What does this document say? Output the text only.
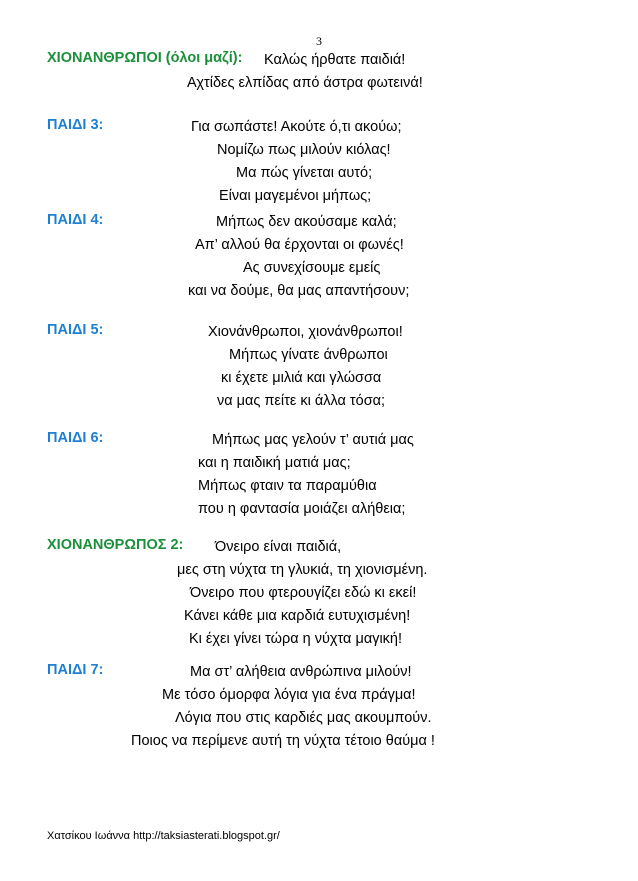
3
ΧΙΟΝΑΝΘΡΩΠΟΙ (όλοι μαζί): Καλώς ήρθατε παιδιά!
Αχτίδες ελπίδας από άστρα φωτεινά!
ΠΑΙΔΙ 3:	Για σωπάστε! Ακούτε ό,τι ακούω;
Νομίζω πως μιλούν κιόλας!
Μα πώς γίνεται αυτό;
Είναι μαγεμένοι μήπως;
ΠΑΙΔΙ 4:	Μήπως δεν ακούσαμε καλά;
Απ’ αλλού θα έρχονται οι φωνές!
Ας συνεχίσουμε εμείς
και να δούμε, θα μας απαντήσουν;
ΠΑΙΔΙ 5:	Χιονάνθρωποι, χιονάνθρωποι!
Μήπως γίνατε άνθρωποι
κι έχετε μιλιά και γλώσσα
να μας πείτε κι άλλα τόσα;
ΠΑΙΔΙ 6:	Μήπως μας γελούν τ’ αυτιά μας
και η παιδική ματιά μας;
Μήπως φταιν τα παραμύθια
που η φαντασία μοιάζει αλήθεια;
ΧΙΟΝΑΝΘΡΩΠΟΣ 2: Όνειρο είναι παιδιά,
μες στη νύχτα τη γλυκιά, τη χιονισμένη.
Όνειρο που φτερουγίζει εδώ κι εκεί!
Κάνει κάθε μια καρδιά ευτυχισμένη!
Κι έχει γίνει τώρα η νύχτα μαγική!
ΠΑΙΔΙ 7:	Μα στ’ αλήθεια ανθρώπινα μιλούν!
Με τόσο όμορφα λόγια για ένα πράγμα!
Λόγια που στις καρδιές μας ακουμπούν.
Ποιος να περίμενε αυτή τη νύχτα τέτοιο θαύμα !
Χατσίκου Ιωάννα http://taksiasterati.blogspot.gr/
